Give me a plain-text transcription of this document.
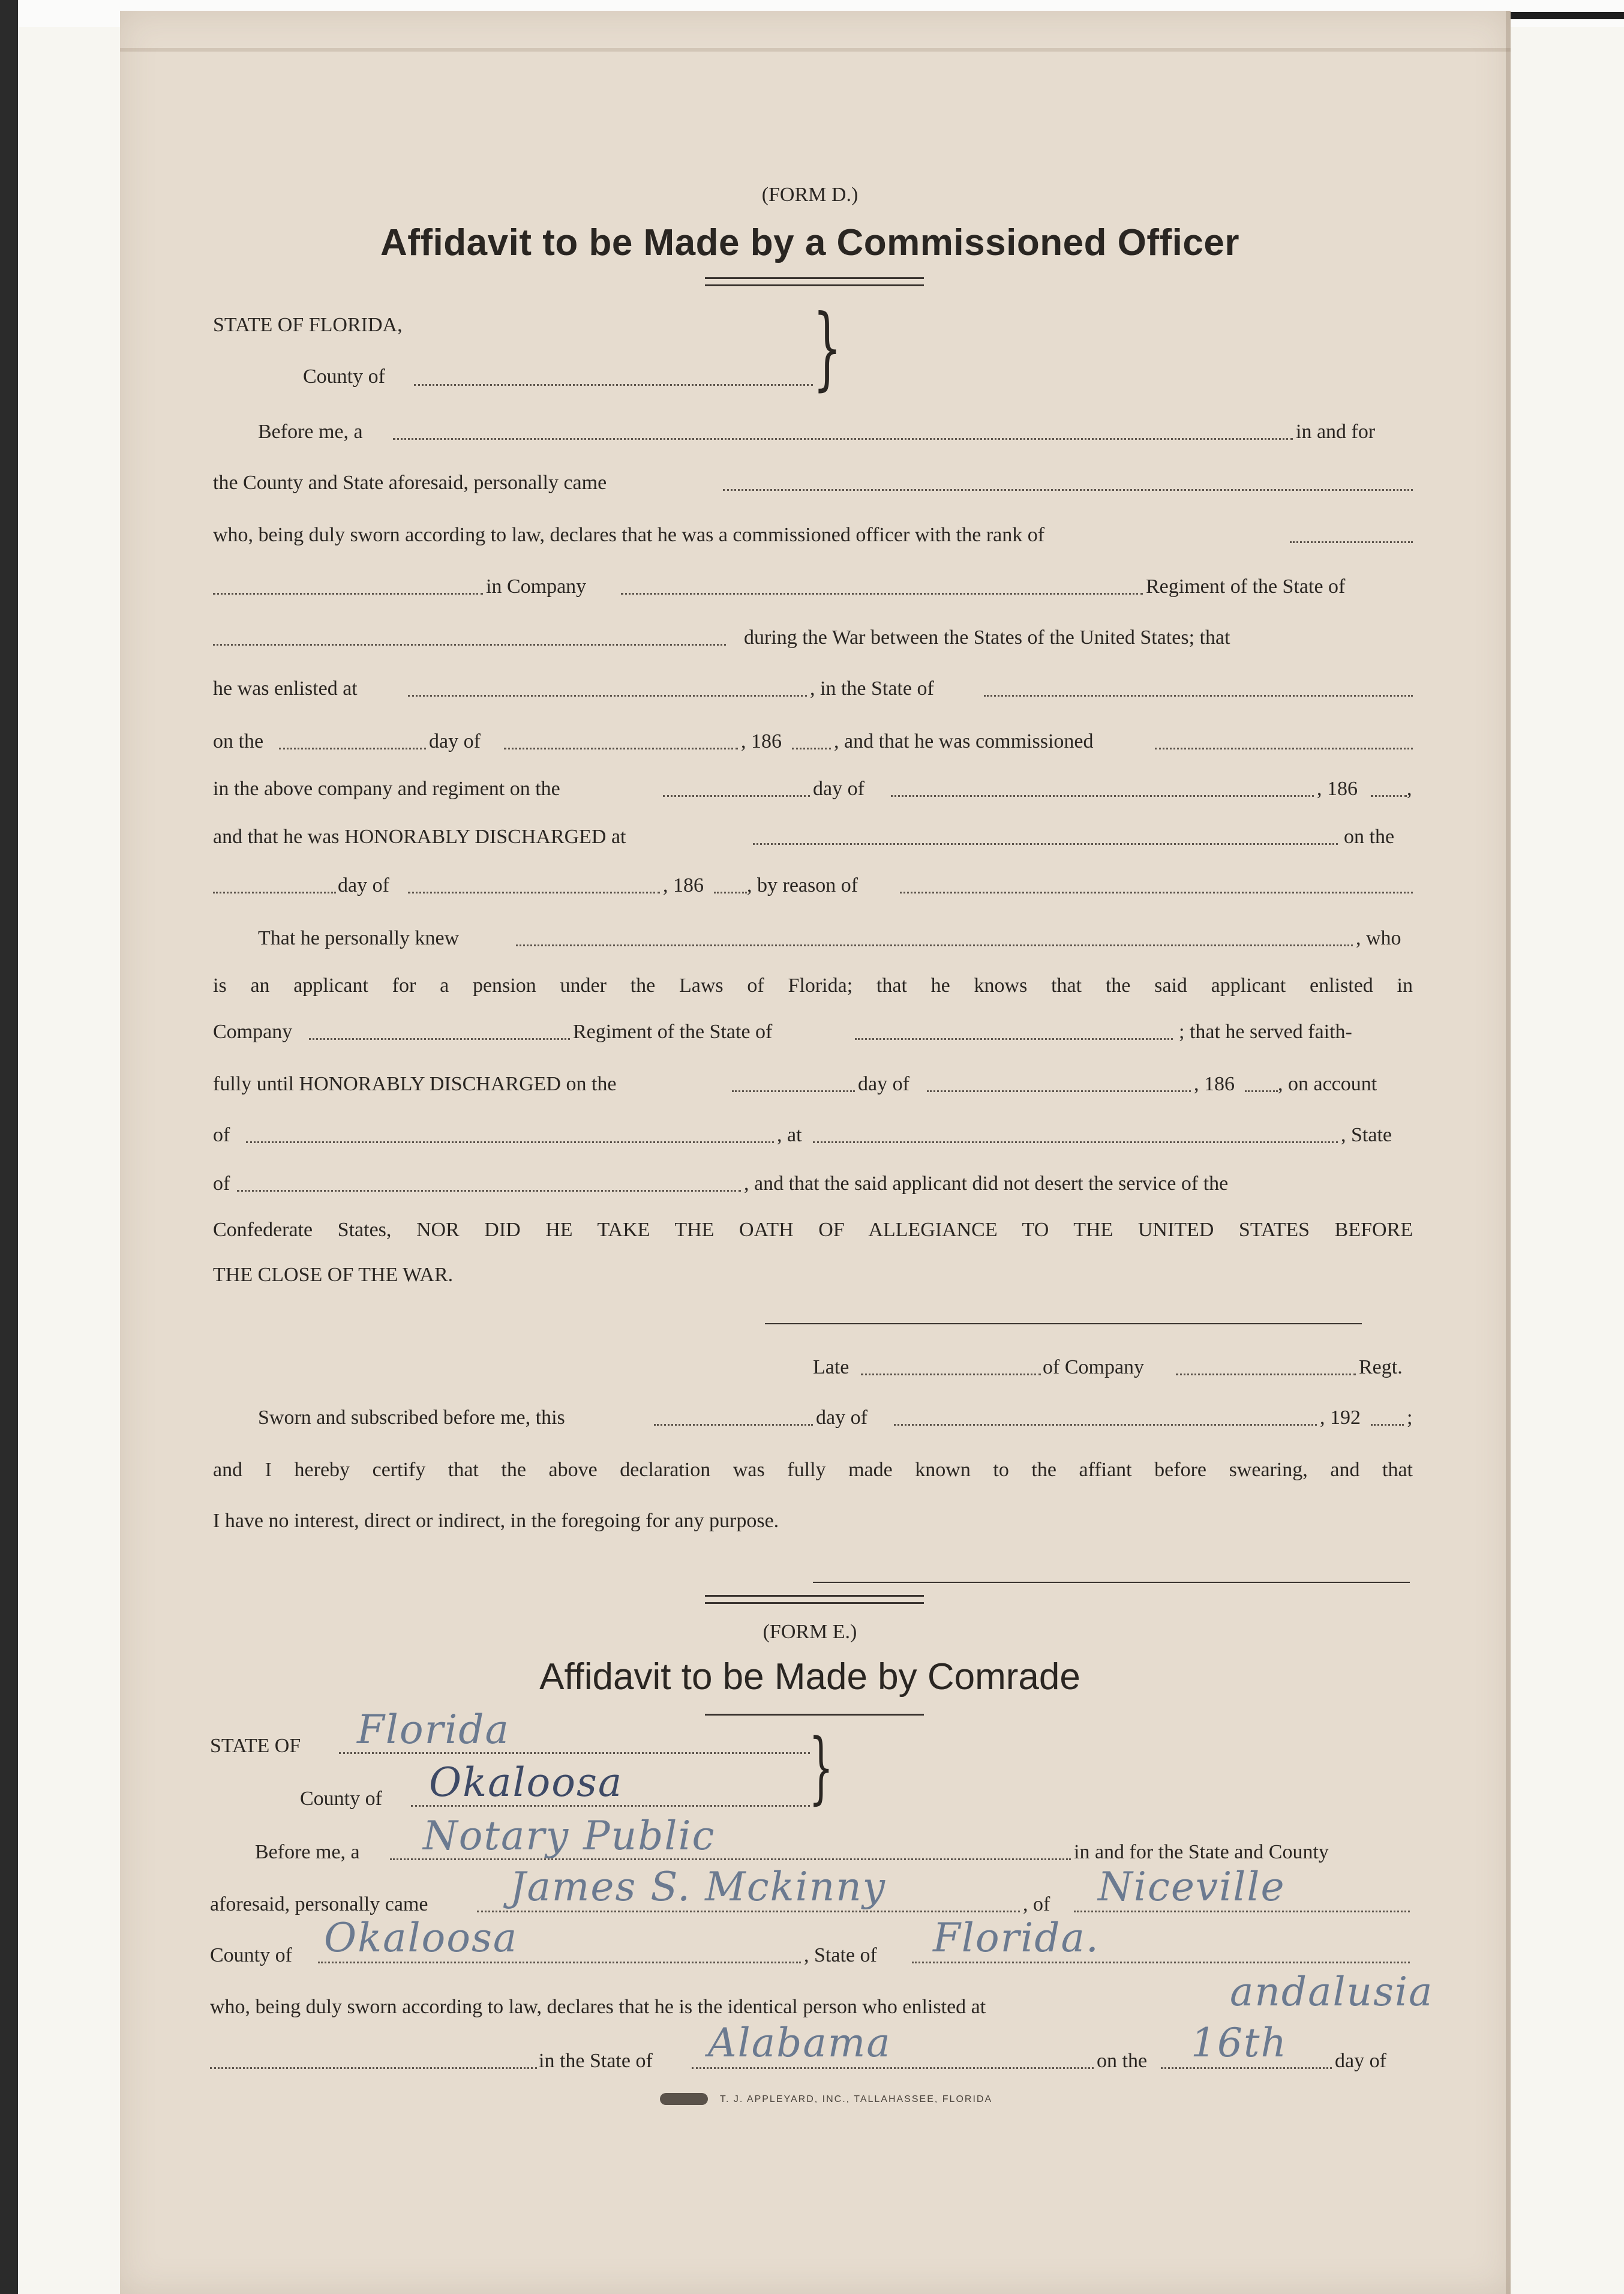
(FORM D.)
Affidavit to be Made by a Commissioned Officer
STATE OF FLORIDA,	}
County of
Before me, a	in and for
the County and State aforesaid, personally came
who, being duly sworn according to law, declares that he was a commissioned officer with the rank of
in Company	Regiment of the State of
during the War between the States of the United States; that
he was enlisted at	, in the State of
on the	day of	, 186	, and that he was commissioned
in the above company and regiment on the	day of	, 186 ,
and that he was HONORABLY DISCHARGED at	on the
day of	, 186 , by reason of
That he personally knew	, who
is an applicant for a pension under the Laws of Florida; that he knows that the said applicant enlisted in
Company	Regiment of the State of	; that he served faith-
fully until HONORABLY DISCHARGED on the	day of	, 186 , on account
of	, at	, State
of	, and that the said applicant did not desert the service of the
Confederate States, NOR DID HE TAKE THE OATH OF ALLEGIANCE TO THE UNITED STATES BEFORE
THE CLOSE OF THE WAR.
Late	of Company	Regt.
Sworn and subscribed before me, this	day of	, 192 ;
and I hereby certify that the above declaration was fully made known to the affiant before swearing, and that
I have no interest, direct or indirect, in the foregoing for any purpose.
(FORM E.)
Affidavit to be Made by Comrade
STATE OF Florida	}
County of Okaloosa
Before me, a Notary Public	in and for the State and County
aforesaid, personally came James S. Mckinny	, of Niceville
County of Okaloosa	, State of Florida.
who, being duly sworn according to law, declares that he is the identical person who enlisted at	andalusia
in the State of Alabama	on the 16th day of
T. J. APPLEYARD, INC., TALLAHASSEE, FLORIDA
